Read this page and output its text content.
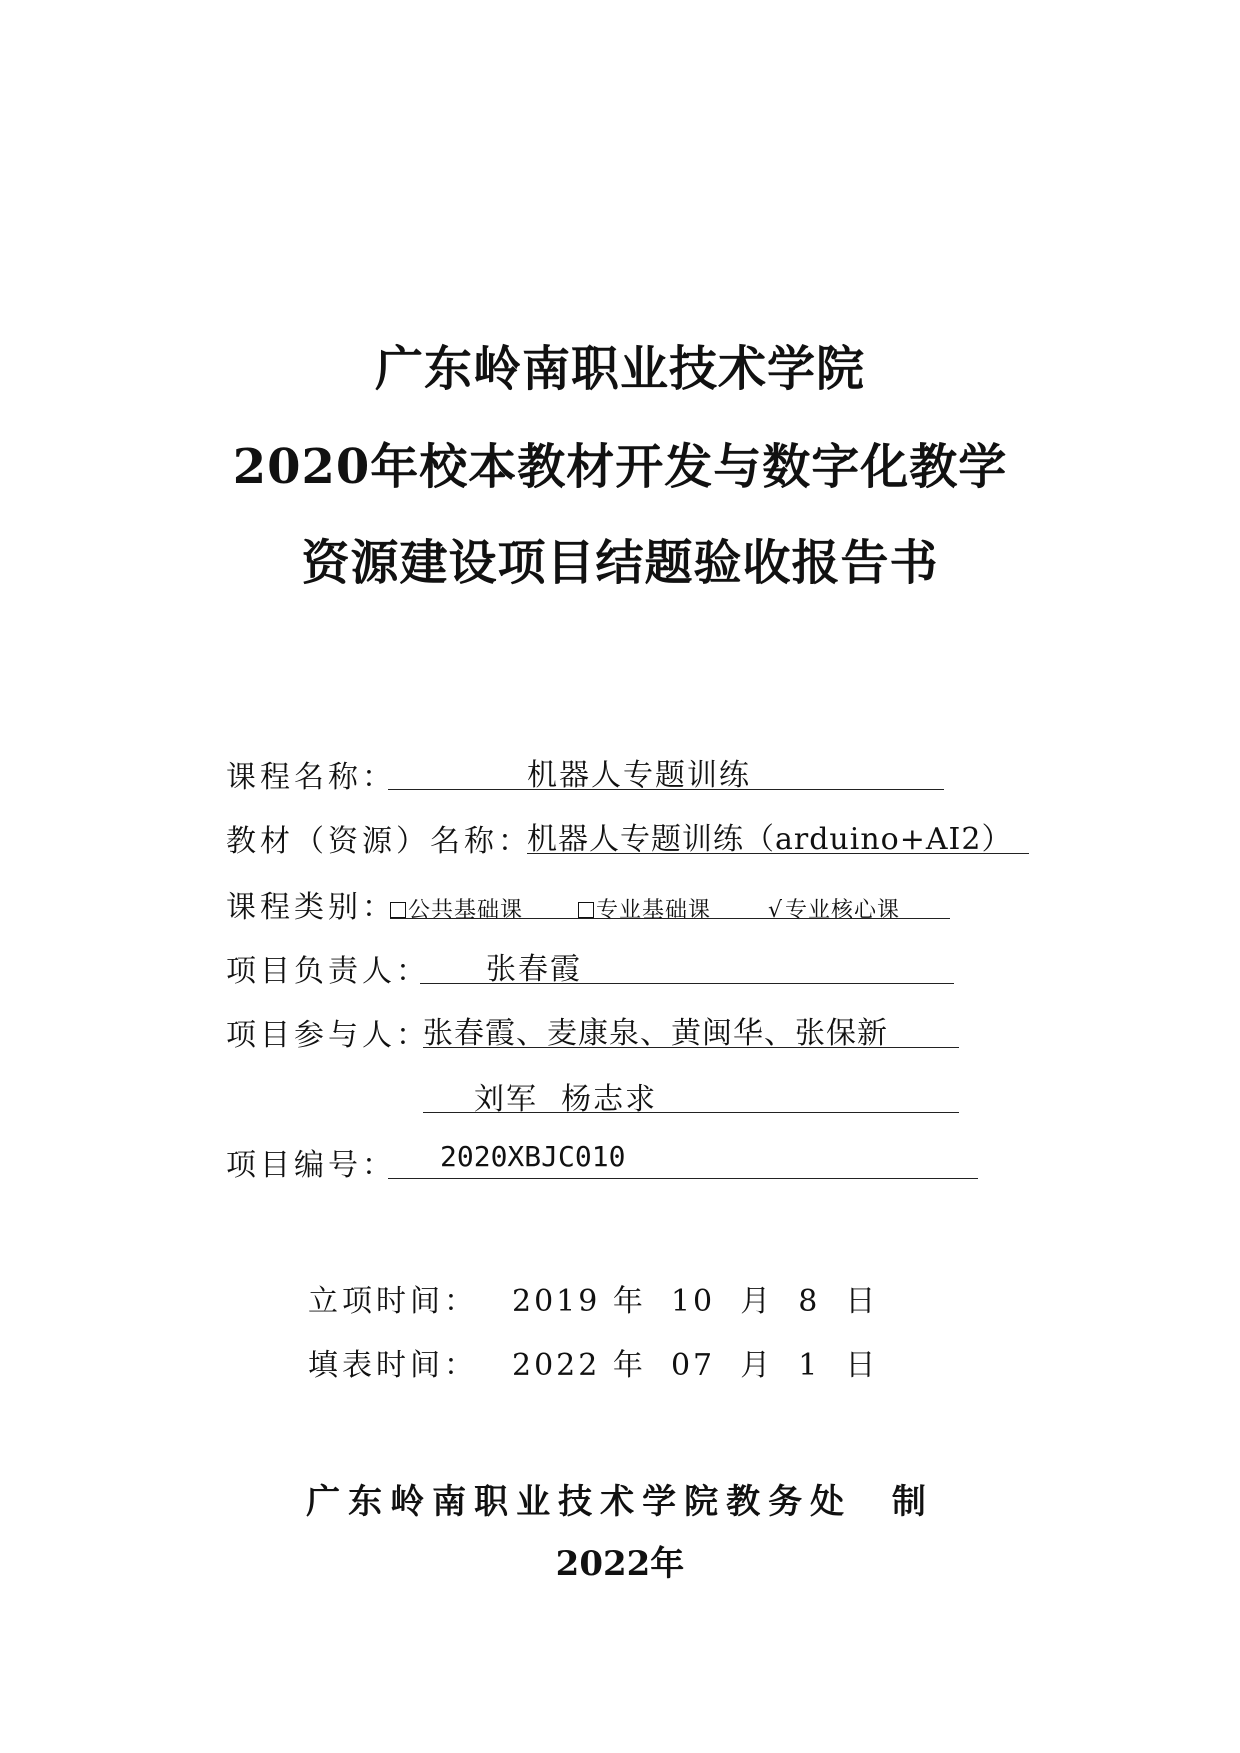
广东岭南职业技术学院
2020年校本教材开发与数字化教学
资源建设项目结题验收报告书
课程名称：	机器人专题训练
教材（资源）名称：
机器人专题训练（arduino+AI2）
课程类别： 公共基础课	专业基础课	√专业核心课
项目负责人： 张春霞
项目参与人：
张春霞、麦康泉、黄闽华、张保新
刘军  杨志求
项目编号： 2020XBJC010
立项时间： 2019 年  10  月  8  日
填表时间： 2022 年  07  月  1  日
广东岭南职业技术学院教务处  制
2022年
